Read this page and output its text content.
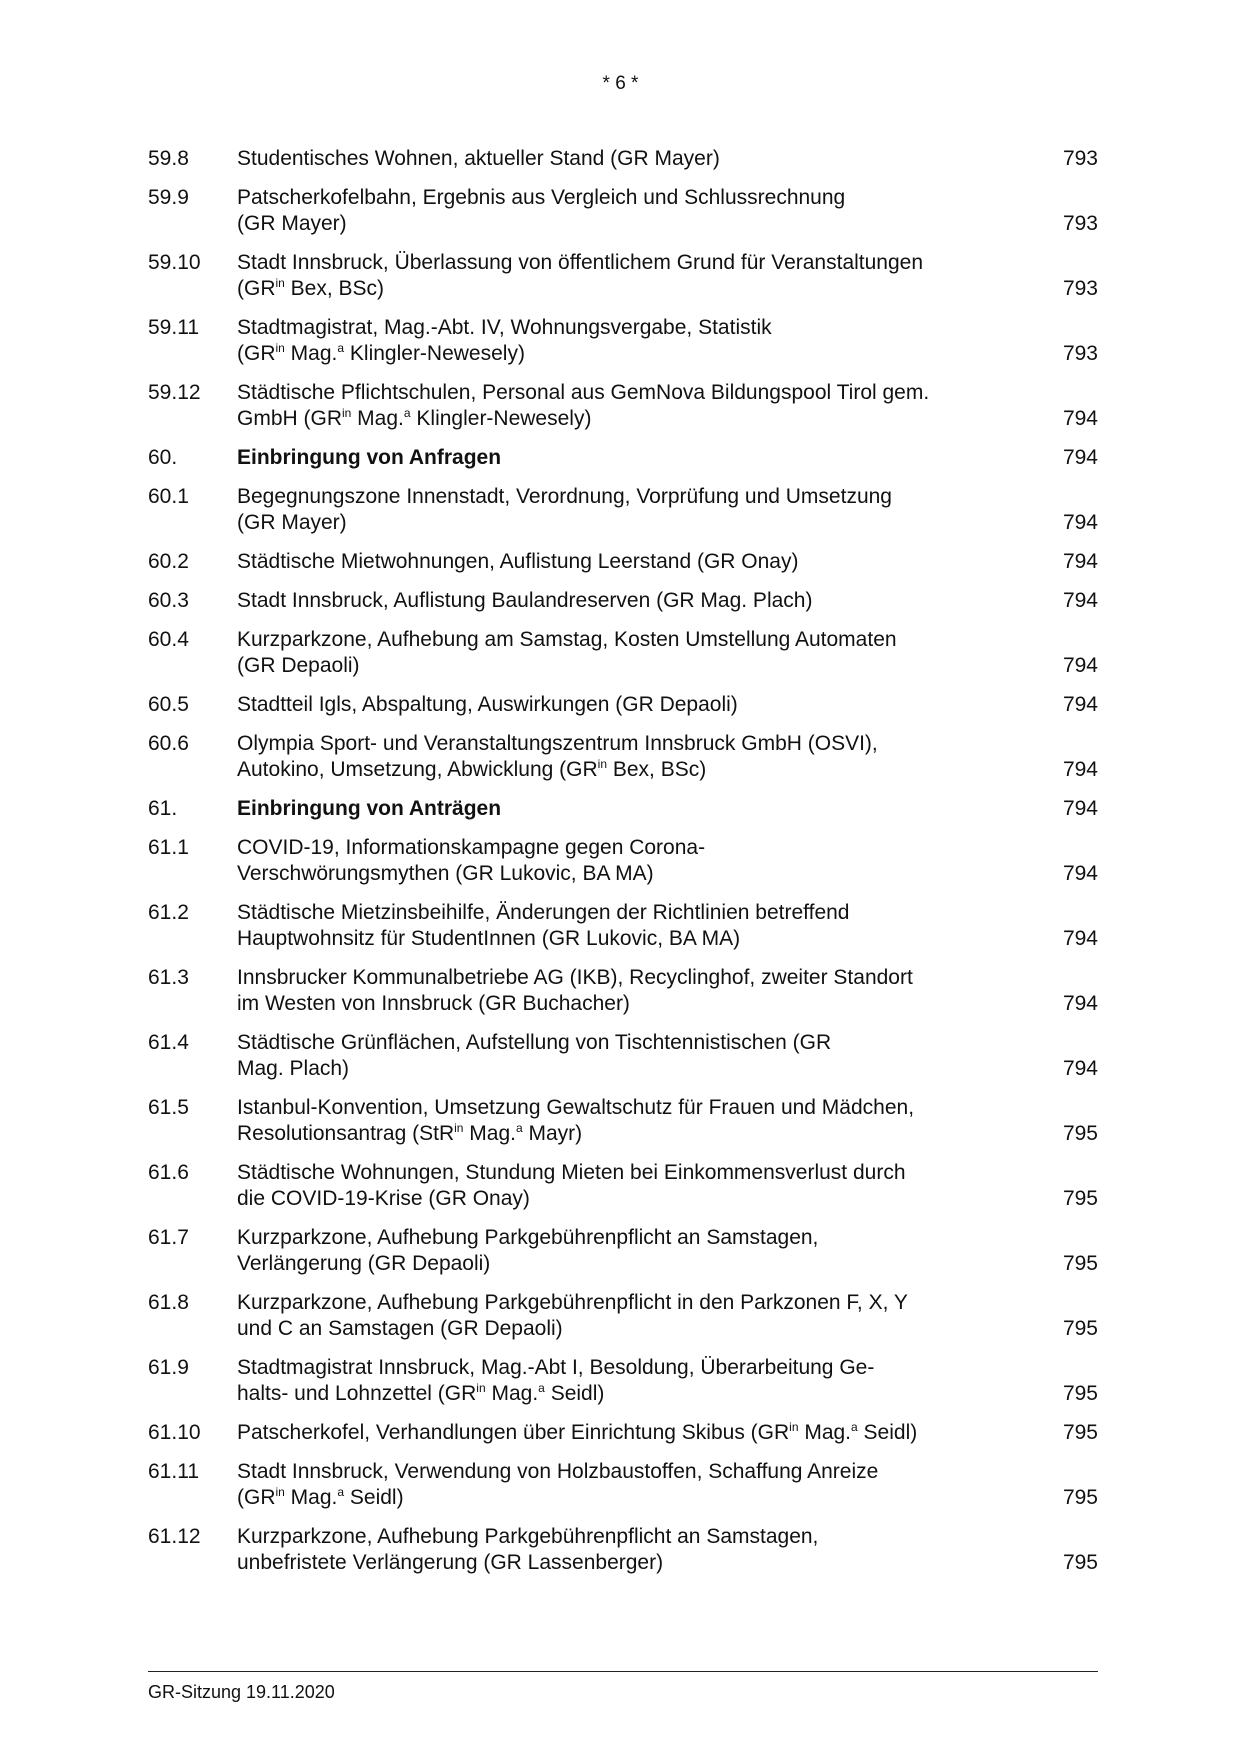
* 6 *
59.8	Studentisches Wohnen, aktueller Stand (GR Mayer)	793
59.9	Patscherkofelbahn, Ergebnis aus Vergleich und Schlussrechnung
(GR Mayer)	793
59.10	Stadt Innsbruck, Überlassung von öffentlichem Grund für Veranstaltungen
($GR^{in}$ Bex, BSc)	793
59.11	Stadtmagistrat, Mag.-Abt. IV, Wohnungsvergabe, Statistik
($GR^{in}$ Mag.$^a$ Klingler-Newesely)	793
59.12	Städtische Pflichtschulen, Personal aus GemNova Bildungspool Tirol gem.
GmbH ($GR^{in}$ Mag.$^a$ Klingler-Newesely)	794
60.	Einbringung von Anfragen	794
60.1	Begegnungszone Innenstadt, Verordnung, Vorprüfung und Umsetzung
(GR Mayer)	794
60.2	Städtische Mietwohnungen, Auflistung Leerstand (GR Onay)	794
60.3	Stadt Innsbruck, Auflistung Baulandreserven (GR Mag. Plach)	794
60.4	Kurzparkzone, Aufhebung am Samstag, Kosten Umstellung Automaten
(GR Depaoli)	794
60.5	Stadtteil Igls, Abspaltung, Auswirkungen (GR Depaoli)	794
60.6	Olympia Sport- und Veranstaltungszentrum Innsbruck GmbH (OSVI),
Autokino, Umsetzung, Abwicklung ($GR^{in}$ Bex, BSc)	794
61.	Einbringung von Anträgen	794
61.1	COVID-19, Informationskampagne gegen Corona-
Verschwörungsmythen (GR Lukovic, BA MA)	794
61.2	Städtische Mietzinsbeihilfe, Änderungen der Richtlinien betreffend
Hauptwohnsitz für StudentInnen (GR Lukovic, BA MA)	794
61.3	Innsbrucker Kommunalbetriebe AG (IKB), Recyclinghof, zweiter Standort
im Westen von Innsbruck (GR Buchacher)	794
61.4	Städtische Grünflächen, Aufstellung von Tischtennistischen (GR
Mag. Plach)	794
61.5	Istanbul-Konvention, Umsetzung Gewaltschutz für Frauen und Mädchen,
Resolutionsantrag (StR$^{in}$ Mag.$^a$ Mayr)	795
61.6	Städtische Wohnungen, Stundung Mieten bei Einkommensverlust durch
die COVID-19-Krise (GR Onay)	795
61.7	Kurzparkzone, Aufhebung Parkgebührenpflicht an Samstagen,
Verlängerung (GR Depaoli)	795
61.8	Kurzparkzone, Aufhebung Parkgebührenpflicht in den Parkzonen F, X, Y
und C an Samstagen (GR Depaoli)	795
61.9	Stadtmagistrat Innsbruck, Mag.-Abt I, Besoldung, Überarbeitung Ge-
halts- und Lohnzettel ($GR^{in}$ Mag.$^a$ Seidl)	795
61.10	Patscherkofel, Verhandlungen über Einrichtung Skibus ($GR^{in}$ Mag.$^a$ Seidl)	795
61.11	Stadt Innsbruck, Verwendung von Holzbaustoffen, Schaffung Anreize
($GR^{in}$ Mag.$^a$ Seidl)	795
61.12	Kurzparkzone, Aufhebung Parkgebührenpflicht an Samstagen,
unbefristete Verlängerung (GR Lassenberger)	795
GR-Sitzung 19.11.2020
